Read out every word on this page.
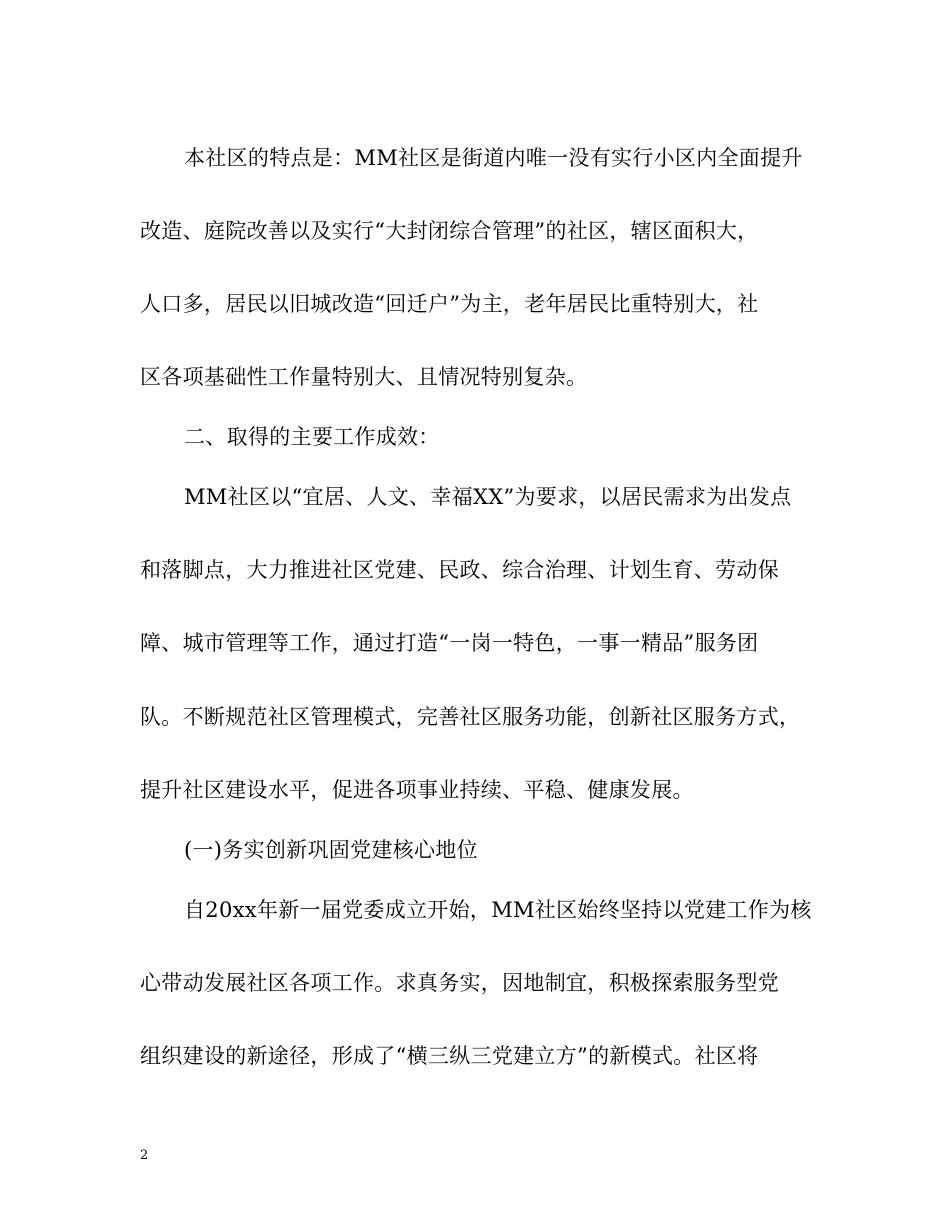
本社区的特点是：MM社区是街道内唯一没有实行小区内全面提升
改造、庭院改善以及实行“大封闭综合管理”的社区，辖区面积大，
人口多，居民以旧城改造“回迁户”为主，老年居民比重特别大，社
区各项基础性工作量特别大、且情况特别复杂。
二、取得的主要工作成效：
MM社区以“宜居、人文、幸福XX”为要求，以居民需求为出发点
和落脚点，大力推进社区党建、民政、综合治理、计划生育、劳动保
障、城市管理等工作，通过打造“一岗一特色，一事一精品”服务团
队。不断规范社区管理模式，完善社区服务功能，创新社区服务方式，
提升社区建设水平，促进各项事业持续、平稳、健康发展。
(一)务实创新巩固党建核心地位
自20xx年新一届党委成立开始，MM社区始终坚持以党建工作为核
心带动发展社区各项工作。求真务实，因地制宜，积极探索服务型党
组织建设的新途径，形成了“横三纵三党建立方”的新模式。社区将
2
